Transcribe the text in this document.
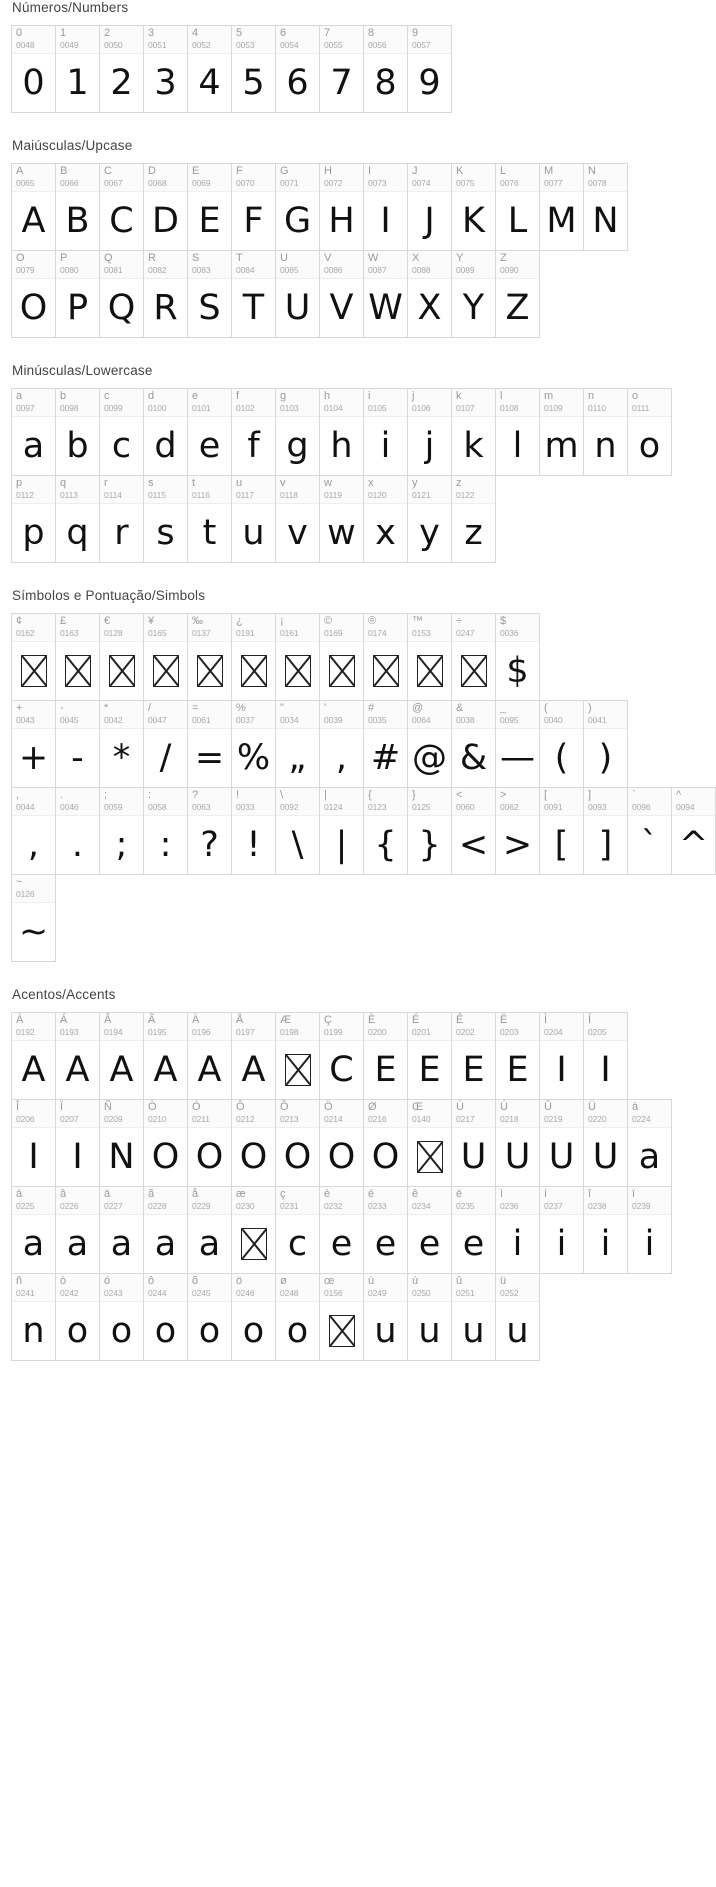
Números/Numbers
0
0048
0
1
0049
1
2
0050
2
3
0051
3
4
0052
4
5
0053
5
6
0054
6
7
0055
7
8
0056
8
9
0057
9
Maiúsculas/Upcase
A
0065
A
B
0066
B
C
0067
C
D
0068
D
E
0069
E
F
0070
F
G
0071
G
H
0072
H
I
0073
I
J
0074
J
K
0075
K
L
0076
L
M
0077
M
N
0078
N
O
0079
O
P
0080
P
Q
0081
Q
R
0082
R
S
0083
S
T
0084
T
U
0085
U
V
0086
V
W
0087
W
X
0088
X
Y
0089
Y
Z
0090
Z
Minúsculas/Lowercase
a
0097
a
b
0098
b
c
0099
c
d
0100
d
e
0101
e
f
0102
f
g
0103
g
h
0104
h
i
0105
i
j
0106
j
k
0107
k
l
0108
l
m
0109
m
n
0110
n
o
0111
o
p
0112
p
q
0113
q
r
0114
r
s
0115
s
t
0116
t
u
0117
u
v
0118
v
w
0119
w
x
0120
x
y
0121
y
z
0122
z
Símbolos e Pontuação/Simbols
¢
0162
£
0163
€
0128
¥
0165
‰
0137
¿
0191
¡
0161
©
0169
®
0174
™
0153
÷
0247
$
0036
$
+
0043
+
-
0045
-
*
0042
*
/
0047
/
=
0061
=
%
0037
%
"
0034
„
'
0039
,
#
0035
#
@
0064
@
&
0038
&
_
0095
—
(
0040
(
)
0041
)
,
0044
,
.
0046
.
;
0059
;
:
0058
:
?
0063
?
!
0033
!
\
0092
\
|
0124
|
{
0123
{
}
0125
}
<
0060
<
>
0062
>
[
0091
[
]
0093
]
`
0096
`
^
0094
^
~
0126
~
Acentos/Accents
À
0192
A
Á
0193
A
Â
0194
A
Ã
0195
A
Ä
0196
A
Å
0197
A
Æ
0198
Ç
0199
C
È
0200
E
É
0201
E
Ê
0202
E
Ë
0203
E
Ì
0204
I
Í
0205
I
Î
0206
I
Ï
0207
I
Ñ
0209
N
Ò
0210
O
Ó
0211
O
Ô
0212
O
Õ
0213
O
Ö
0214
O
Ø
0216
O
Œ
0140
Ù
0217
U
Ú
0218
U
Û
0219
U
Ü
0220
U
à
0224
a
á
0225
a
â
0226
a
ä
0227
a
ã
0228
a
å
0229
a
æ
0230
ç
0231
c
è
0232
e
é
0233
e
ê
0234
e
ë
0235
e
ì
0236
i
í
0237
i
î
0238
i
ï
0239
i
ñ
0241
n
ò
0242
o
ó
0243
o
ô
0244
o
õ
0245
o
ö
0246
o
ø
0248
o
œ
0156
ù
0249
u
ú
0250
u
û
0251
u
ü
0252
u
